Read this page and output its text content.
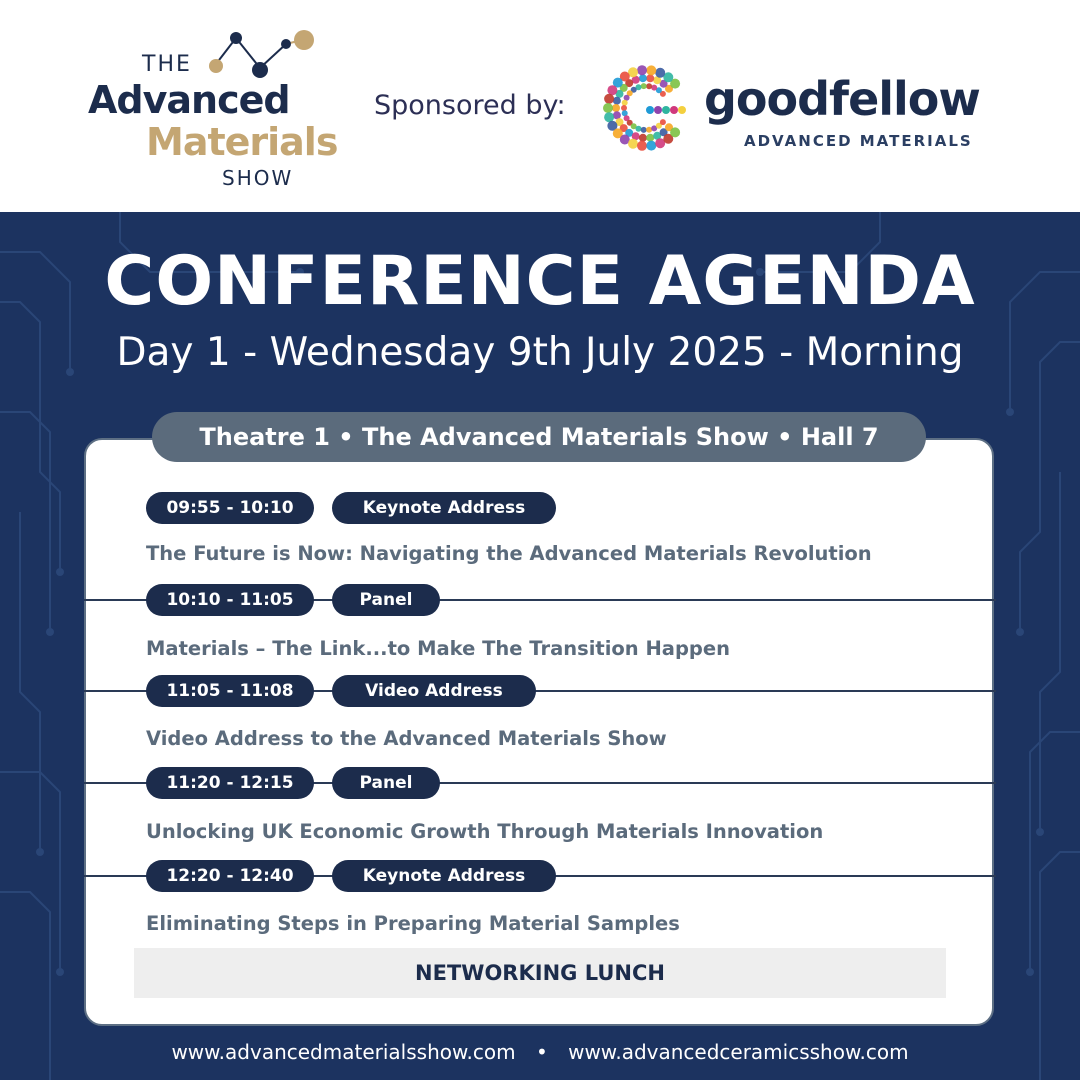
THE
Advanced
Materials
SHOW
Sponsored by:	goodfellow
ADVANCED MATERIALS
CONFERENCE AGENDA
Day 1 - Wednesday 9th July 2025 - Morning
Theatre 1 • The Advanced Materials Show • Hall 7
09:55 - 10:10	Keynote Address
The Future is Now: Navigating the Advanced Materials Revolution
10:10 - 11:05	Panel
Materials – The Link...to Make The Transition Happen
11:05 - 11:08	Video Address
Video Address to the Advanced Materials Show
11:20 - 12:15	Panel
Unlocking UK Economic Growth Through Materials Innovation
12:20 - 12:40	Keynote Address
Eliminating Steps in Preparing Material Samples
NETWORKING LUNCH
www.advancedmaterialsshow.com • www.advancedceramicsshow.com
